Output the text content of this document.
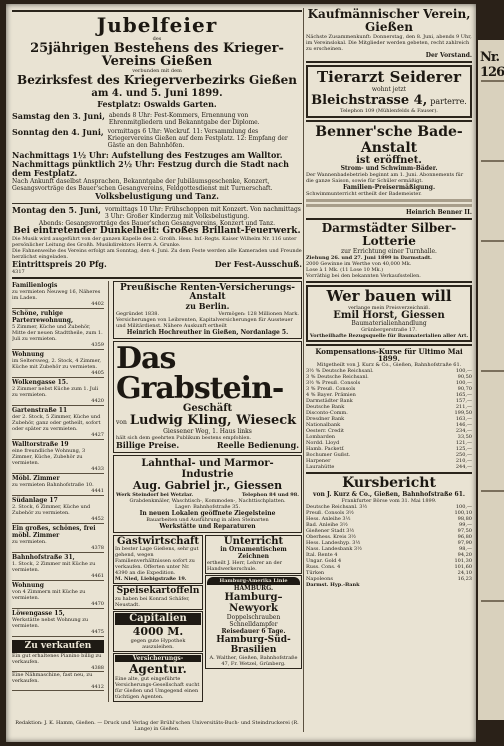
Jubelfeier
des
25jährigen Bestehens des Krieger-Vereins Gießen
verbunden mit dem
Bezirksfest des Kriegerverbezirks Gießen
am 4. und 5. Juni 1899.
Festplatz: Oswalds Garten.
Samstag den 3. Juni, abends 8 Uhr: Fest-Kommers, Ernennung von Ehrenmitgliedern und Bekanntgabe der Diplome.
Sonntag den 4. Juni, vormittags 6 Uhr: Weckruf. 11: Versammlung des Kriegervereins Gießen auf dem Festplatz. 12: Empfang der Gäste an den Bahnhöfen.
Nachmittags 1½ Uhr: Aufstellung des Festzuges am Walltor.
Nachmittags pünktlich 2½ Uhr: Festzug durch die Stadt nach dem Festplatz.
Nach Ankunft daselbst Ansprachen, Bekanntgabe der Jubiläumsgeschenke, Konzert, Gesangsvorträge des Bauer'schen Gesangvereins, Feldgottesdienst mit Turnerschaft.
Volksbelustigung und Tanz.
Montag den 5. Juni, vormittags 10 Uhr: Frühschoppen mit Konzert. Von nachmittags 3 Uhr: Großer Kinderzug mit Volksbelustigung.
Abends: Gesangsvorträge des Bauer'schen Gesangvereins, Konzert und Tanz.
Bei eintretender Dunkelheit: Großes Brillant-Feuerwerk.
Die Musik wird ausgeführt von der ganzen Kapelle des 2. Großh. Hess. Inf.-Regts. Kaiser Wilhelm Nr. 116 unter persönlicher Leitung des Großh. Musikdirektors Herrn A. Grunke.
Die Fahnenweihe des Vereins erfolgt am Sonntag, den 4. Juni. Zu dem Feste werden alle Kameraden und Freunde herzlichst eingeladen.
Eintrittspreis 20 Pfg.	Der Fest-Ausschuß.
4317
Familienlogis
zu vermieten Neuweg 16, Näheres im Laden.
4402
Schöne, ruhige Parterrewohnung,
5 Zimmer, Küche und Zubehör, Mitte der neuen Stadttheile, zum 1. Juli zu vermieten.
4359
Wohnung
im Seltersweg, 2. Stock, 4 Zimmer, Küche mit Zubehör zu vermieten.
4405
Wolkengasse 15.
2 Zimmer nebst Küche zum 1. Juli zu vermieten.
4420
Gartenstraße 11
der 2. Stock, 5 Zimmer, Küche und Zubehör, ganz oder getheilt, sofort oder später zu vermieten.
4427
Walltorstraße 19
eine freundliche Wohnung, 3 Zimmer, Küche, Zubehör zu vermieten.
4433
Möbl. Zimmer
zu vermieten Bahnhofstraße 10.
4441
Südanlage 17
2. Stock, 6 Zimmer, Küche und Zubehör zu vermieten.
4452
Ein großes, schönes, frei möbl. Zimmer
zu vermieten.
4378
Bahnhofstraße 31,
1. Stock, 2 Zimmer mit Küche zu vermieten.
4461
Wohnung
von 4 Zimmern mit Küche zu vermieten.
4470
Löwengasse 15,
Werkstätte nebst Wohnung zu vermieten.
4475
Zu verkaufen
Ein gut erhaltenes Pianino billig zu verkaufen.
4388
Eine Nähmaschine, fast neu, zu verkaufen.
4412
Preußische Renten-Versicherungs-Anstalt
zu Berlin.
Gegründet 1838.	Vermögen: 128 Millionen Mark.
Versicherungen von Leibrenten, Kapitalversicherungen für Aussteuer und Militärdienst. Nähere Auskunft ertheilt
Heinrich Hochreuther in Gießen, Nordanlage 5.
Das Grabstein-
Geschäft
von Ludwig Kling, Wieseck
Giessener Weg, 1. Haus links
hält sich dem geehrten Publikum bestens empfohlen.
Billige Preise.	Reelle Bedienung.
Lahnthal- und Marmor-Industrie
Aug. Gabriel jr., Giessen
Werk Steindorf bei Wetzlar.	Telephon 84 und 98.
Grabdenkmäler, Waschtisch-, Kommoden-, Nachttischplatten.
Lager: Bahnhofstraße 35.
In neuen Lokalen geöffnete Ziegelsteine
Bauarbeiten und Ausführung in allen Steinarten
Werkstätte und Reparaturen
Gastwirtschaft
In bester Lage Gießens, sehr gut gehend, wegen Familienverhältnissen sofort zu verkaufen. Offerten unter Nr. 4390 an die Expedition.
M. Nied, Liebigstraße 19.
Speisekartoffeln
zu haben bei Konrad Schäfer, Neustadt.
Capitalien
4000 M.
gegen gute Hypothek auszuleihen.
Versicherungs-
Agentur.
Eine alte, gut eingeführte Versicherungs-Gesellschaft sucht für Gießen und Umgegend einen tüchtigen Agenten.
Unterricht
in Ornamentischem Zeichnen
ertheilt J. Herr, Lehrer an der Handwerkerschule.
Hamburg-Amerika Linie
HAMBURG.
Hamburg–Newyork
Doppelschrauben Schnelldampfer
Reisedauer 6 Tage.
Hamburg-Süd-Brasilien
A. Walther, Gießen, Bahnhofstraße 47, Fr. Wetzel, Grünberg.
Redaktion: J. K. Hamm, Gießen. — Druck und Verlag der Brühl'schen Universitäts-Buch- und Steindruckerei (R. Lange) in Gießen.
Kaufmännischer Verein, Gießen
Nächste Zusammenkunft: Donnerstag, den 8. Juni, abends 9 Uhr, im Vereinslokal. Die Mitglieder werden gebeten, recht zahlreich zu erscheinen.
Der Vorstand.
Tierarzt Seiderer
wohnt jetzt
Bleichstrasse 4, parterre.
Telephon 109 (Mühlenfelds & Fauser).
Benner'sche Bade-Anstalt
ist eröffnet.
Strom- und Schwimm-Bäder.
Der Wannenbadebetrieb beginnt am 1. Juni. Abonnements für die ganze Saison, sowie für Schüler ermäßigt.
Familien-Preisermäßigung.
Schwimmunterricht ertheilt der Bademeister.
Heinrich Benner II.
Darmstädter Silber-Lotterie
zur Errichtung einer Turnhalle.
Ziehung 26. und 27. Juni 1899 in Darmstadt.
2000 Gewinne im Werthe von 40,000 Mk.
Lose à 1 Mk. (11 Lose 10 Mk.)
Vorräthig bei den bekannten Verkaufsstellen.
Wer bauen will
verlange mein Preisverzeichniß.
Emil Horst, Giessen
Baumaterialienhandlung
Grünbergerstraße 17.
Vortheilhafte Bezugsquelle für Baumaterialien aller Art.
Kompensations-Kurse für Ultimo Mai 1899.
Mitgetheilt von J. Kurz & Co., Gießen, Bahnhofstraße 61.
3½ % Deutsche Reichsanl.	100,—
3 % Deutsche Reichsanl.	90,50
3½ % Preuß. Consols	100,—
3 % Preuß. Consols	90,70
4 % Bayer. Prämien	165,—
Darmstädter Bank	157,—
Deutsche Bank	211,—
Disconto-Comm.	199,50
Dresdner Bank	163,—
Nationalbank	146,—
Oesterr. Credit	234,—
Lombarden	33,50
Nordd. Lloyd	121,—
Hamb. Packetf.	125,—
Bochumer Gußst.	250,—
Harpener	210,—
Laurahütte	244,—
Kursbericht
von J. Kurz & Co., Gießen, Bahnhofstraße 61.
Frankfurter Börse vom 31. Mai 1899.
Deutsche Reichsanl. 3½	100,—
Preuß. Consols 3½	100,10
Hess. Anleihe 3½	98,80
Bad. Anleihe 3½	99,—
Gießener Stadt 3½	97,50
Oberhess. Kreis 3½	96,80
Hess. Landeshyp. 3½	97,90
Nass. Landesbank 3½	98,—
Ital. Rente 4	94,20
Ungar. Gold 4	101,30
Russ. Cons. 4	101,60
Türken	24,10
Napoleons	16,23
Darmst. Hyp.-Bank
Nr. 126
